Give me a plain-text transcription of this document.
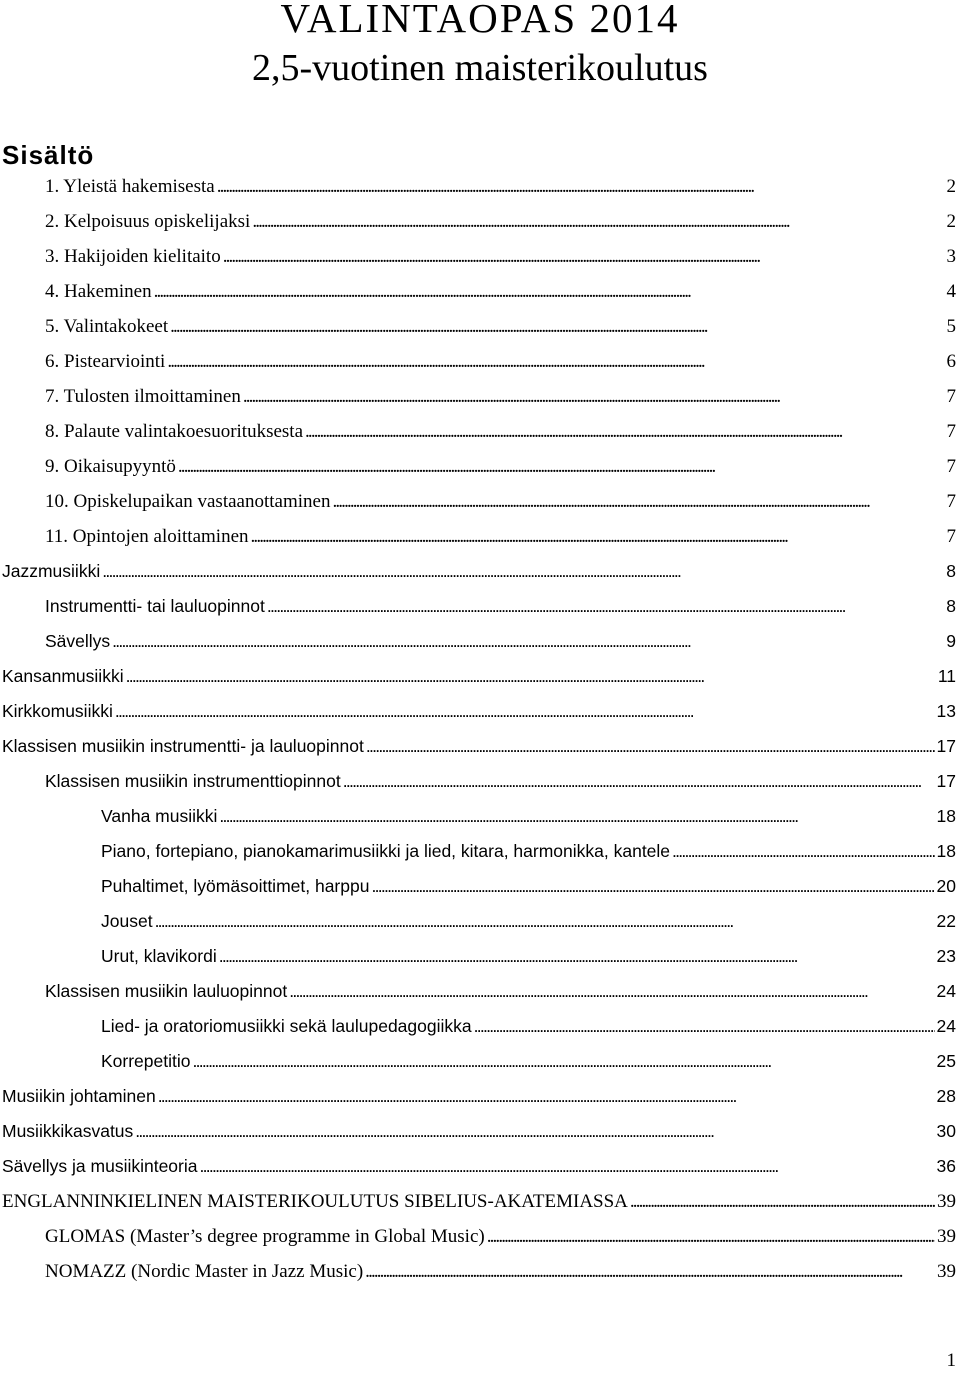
VALINTAOPAS 2014
2,5-vuotinen maisterikoulutus
Sisältö
1. Yleistä hakemisesta . . .	2
2. Kelpoisuus opiskelijaksi . . .	2
3. Hakijoiden kielitaito . . .	3
4. Hakeminen . . .	4
5. Valintakokeet . . .	5
6. Pistearviointi . . .	6
7. Tulosten ilmoittaminen . . .	7
8. Palaute valintakoesuorituksesta . . .	7
9. Oikaisupyyntö . . .	7
10. Opiskelupaikan vastaanottaminen . . .	7
11. Opintojen aloittaminen . . .	7
Jazzmusiikki . . .	8
Instrumentti- tai lauluopinnot . . .	8
Sävellys . . .	9
Kansanmusiikki . . .	11
Kirkkomusiikki . . .	13
Klassisen musiikin instrumentti- ja lauluopinnot . . .	17
Klassisen musiikin instrumenttiopinnot . . .	17
Vanha musiikki . . .	18
Piano, fortepiano, pianokamarimusiikki ja lied, kitara, harmonikka, kantele . . .	18
Puhaltimet, lyömäsoittimet, harppu . . .	20
Jouset . . .	22
Urut, klavikordi . . .	23
Klassisen musiikin lauluopinnot . . .	24
Lied- ja oratoriomusiikki sekä laulupedagogiikka . . .	24
Korrepetitio . . .	25
Musiikin johtaminen . . .	28
Musiikkikasvatus . . .	30
Sävellys ja musiikinteoria . . .	36
ENGLANNINKIELINEN MAISTERIKOULUTUS SIBELIUS-AKATEMIASSA . . .	39
GLOMAS (Master’s degree programme in Global Music) . . .	39
NOMAZZ (Nordic Master in Jazz Music) . . .	39
1
